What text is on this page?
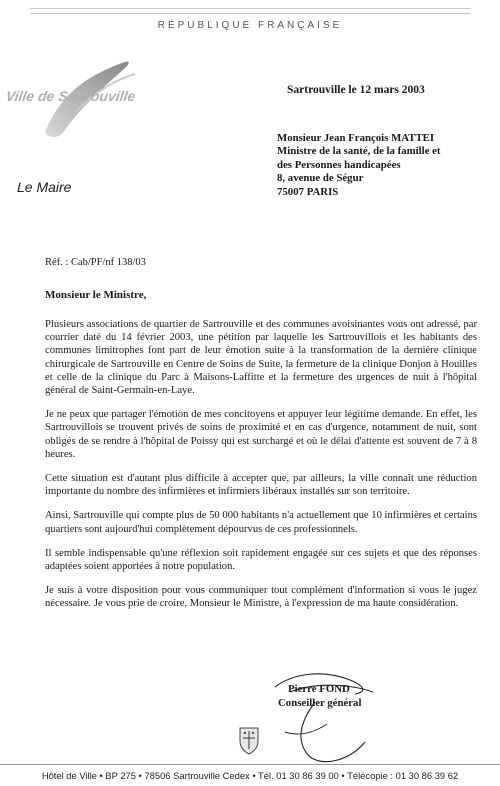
RÉPUBLIQUE FRANÇAISE
Ville de Sartrouville
Le Maire
Sartrouville le 12 mars 2003
Monsieur Jean François MATTEI
Ministre de la santé, de la famille et
des Personnes handicapées
8, avenue de Ségur
75007 PARIS
Réf. : Cab/PF/nf 138/03
Monsieur le Ministre,

Plusieurs associations de quartier de Sartrouville et des communes avoisinantes vous ont adressé, par courrier daté du 14 février 2003, une pétition par laquelle les Sartrouvillois et les habitants des communes limitrophes font part de leur émotion suite à la transformation de la dernière clinique chirurgicale de Sartrouville en Centre de Soins de Suite, la fermeture de la clinique Donjon à Houilles et celle de la clinique du Parc à Maisons-Laffitte et la fermeture des urgences de nuit à l'hôpital général de Saint-Germain-en-Laye.

Je ne peux que partager l'émotion de mes concitoyens et appuyer leur légitime demande. En effet, les Sartrouvillois se trouvent privés de soins de proximité et en cas d'urgence, notamment de nuit, sont obligés de se rendre à l'hôpital de Poissy qui est surchargé et où le délai d'attente est souvent de 7 à 8 heures.

Cette situation est d'autant plus difficile à accepter que, par ailleurs, la ville connaît une réduction importante du nombre des infirmières et infirmiers libéraux installés sur son territoire.

Ainsi, Sartrouville qui compte plus de 50 000 habitants n'a actuellement que 10 infirmières et certains quartiers sont aujourd'hui complètement dépourvus de ces professionnels.

Il semble indispensable qu'une réflexion soit rapidement engagée sur ces sujets et que des réponses adaptées soient apportées à notre population.

Je suis à votre disposition pour vous communiquer tout complément d'information si vous le jugez nécessaire. Je vous prie de croire, Monsieur le Ministre, à l'expression de ma haute considération.

Pierre FOND
Conseiller général
Hôtel de Ville • BP 275 • 78506 Sartrouville Cedex • Tél. 01 30 86 39 00 • Télécopie : 01 30 86 39 62
